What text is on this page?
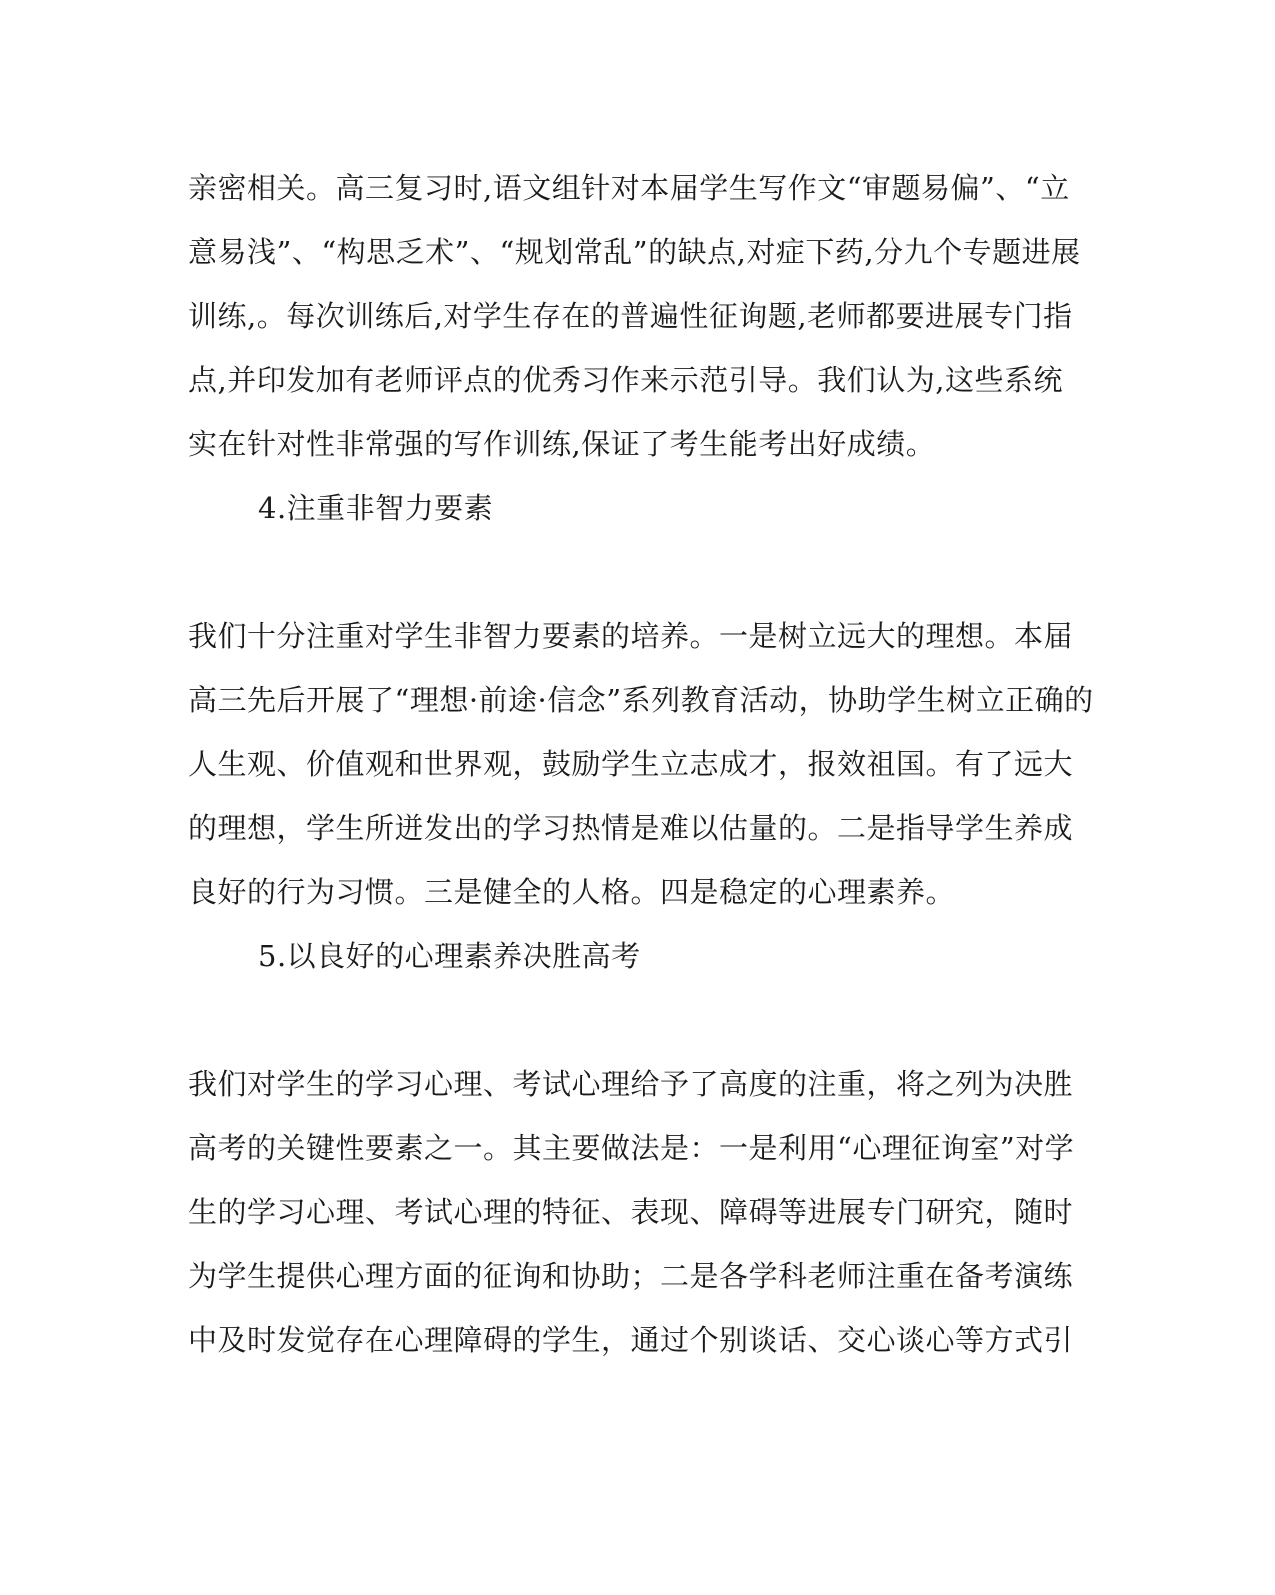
亲密相关。高三复习时,语文组针对本届学生写作文“审题易偏”、“立
意易浅”、“构思乏术”、“规划常乱”的缺点,对症下药,分九个专题进展
训练,。每次训练后,对学生存在的普遍性征询题,老师都要进展专门指
点,并印发加有老师评点的优秀习作来示范引导。我们认为,这些系统
实在针对性非常强的写作训练,保证了考生能考出好成绩。
4.注重非智力要素
我们十分注重对学生非智力要素的培养。一是树立远大的理想。本届
高三先后开展了“理想·前途·信念”系列教育活动，协助学生树立正确的
人生观、价值观和世界观，鼓励学生立志成才，报效祖国。有了远大
的理想，学生所迸发出的学习热情是难以估量的。二是指导学生养成
良好的行为习惯。三是健全的人格。四是稳定的心理素养。
5.以良好的心理素养决胜高考
我们对学生的学习心理、考试心理给予了高度的注重，将之列为决胜
高考的关键性要素之一。其主要做法是：一是利用“心理征询室”对学
生的学习心理、考试心理的特征、表现、障碍等进展专门研究，随时
为学生提供心理方面的征询和协助；二是各学科老师注重在备考演练
中及时发觉存在心理障碍的学生，通过个别谈话、交心谈心等方式引
